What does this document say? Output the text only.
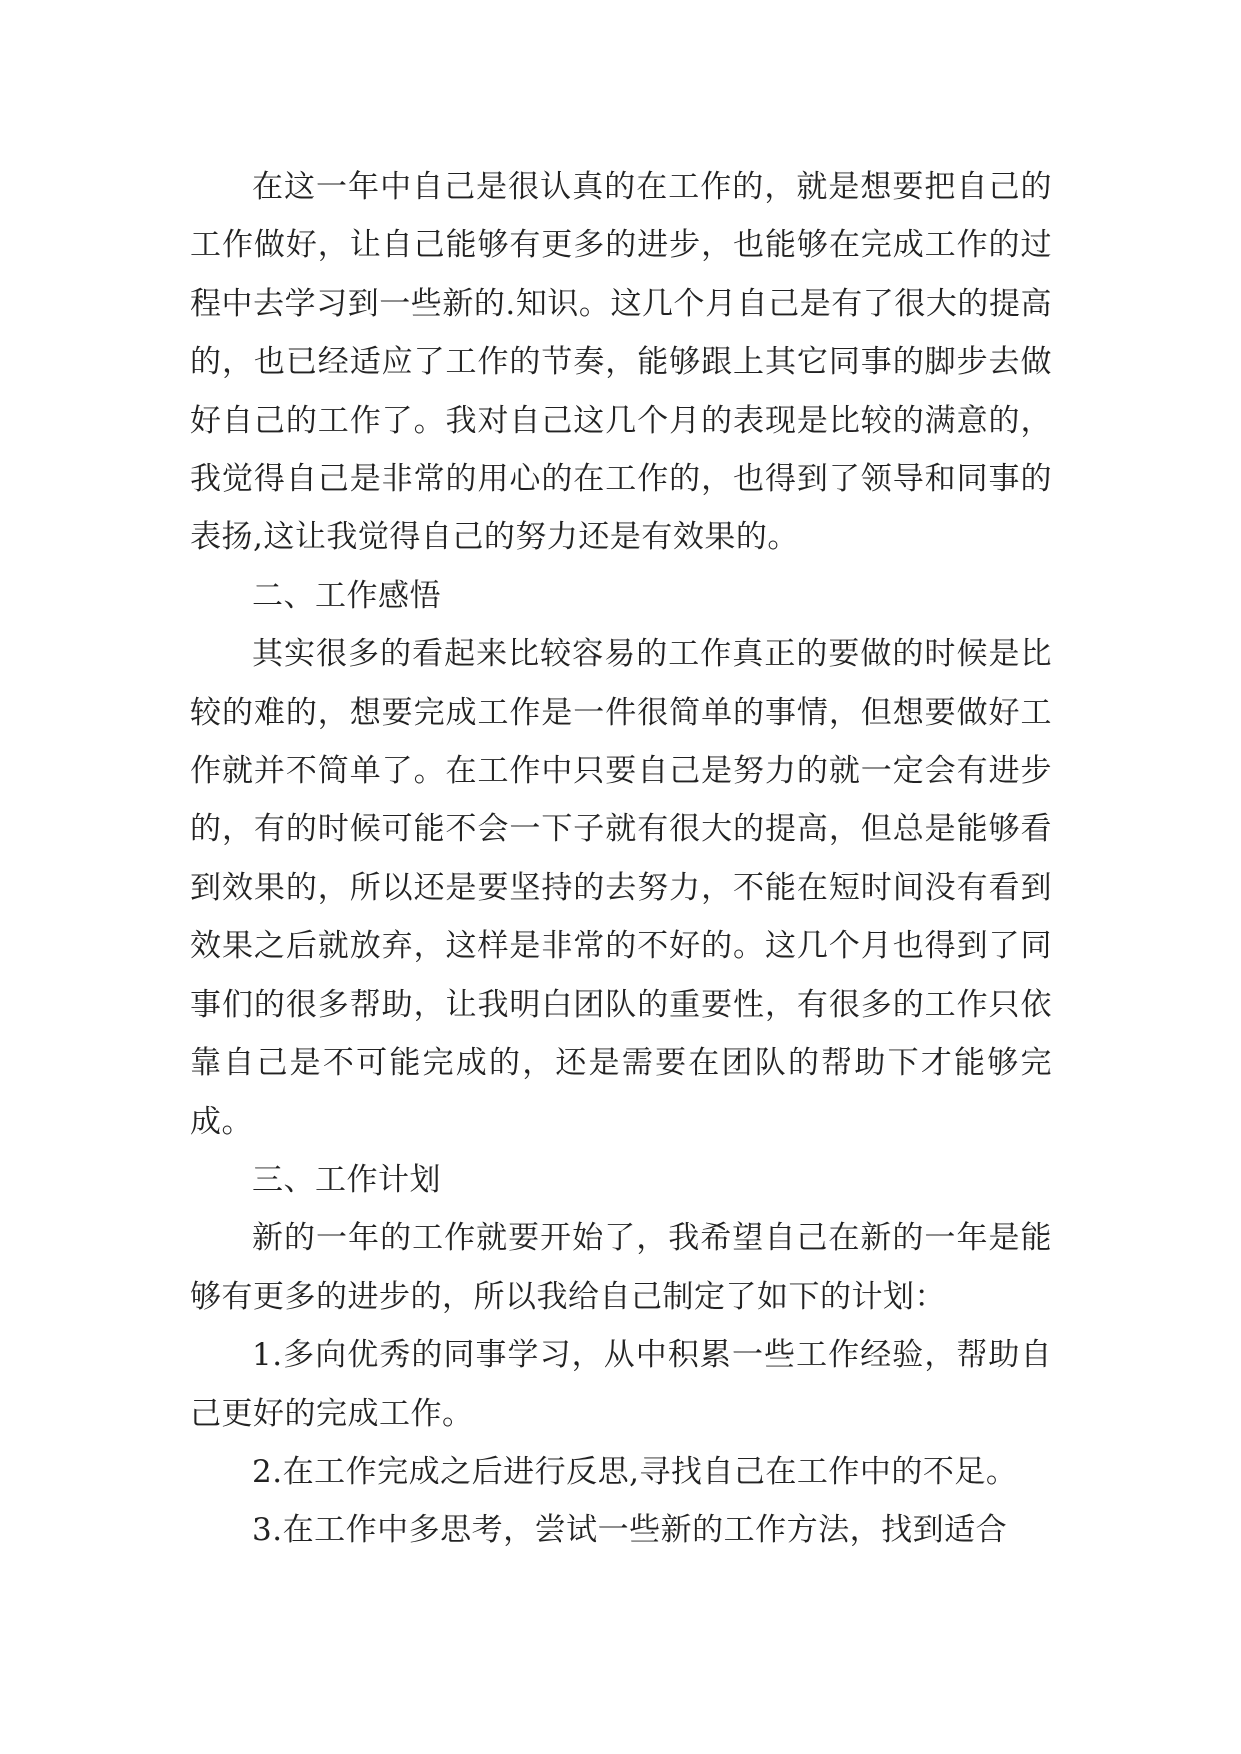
在这一年中自己是很认真的在工作的，就是想要把自己的工作做好，让自己能够有更多的进步，也能够在完成工作的过程中去学习到一些新的.知识。这几个月自己是有了很大的提高的，也已经适应了工作的节奏，能够跟上其它同事的脚步去做好自己的工作了。我对自己这几个月的表现是比较的满意的，我觉得自己是非常的用心的在工作的，也得到了领导和同事的表扬,这让我觉得自己的努力还是有效果的。

二、工作感悟

其实很多的看起来比较容易的工作真正的要做的时候是比较的难的，想要完成工作是一件很简单的事情，但想要做好工作就并不简单了。在工作中只要自己是努力的就一定会有进步的，有的时候可能不会一下子就有很大的提高，但总是能够看到效果的，所以还是要坚持的去努力，不能在短时间没有看到效果之后就放弃，这样是非常的不好的。这几个月也得到了同事们的很多帮助，让我明白团队的重要性，有很多的工作只依靠自己是不可能完成的，还是需要在团队的帮助下才能够完成。

三、工作计划

新的一年的工作就要开始了，我希望自己在新的一年是能够有更多的进步的，所以我给自己制定了如下的计划：

1.多向优秀的同事学习，从中积累一些工作经验，帮助自己更好的完成工作。

2.在工作完成之后进行反思,寻找自己在工作中的不足。

3.在工作中多思考，尝试一些新的工作方法，找到适合
